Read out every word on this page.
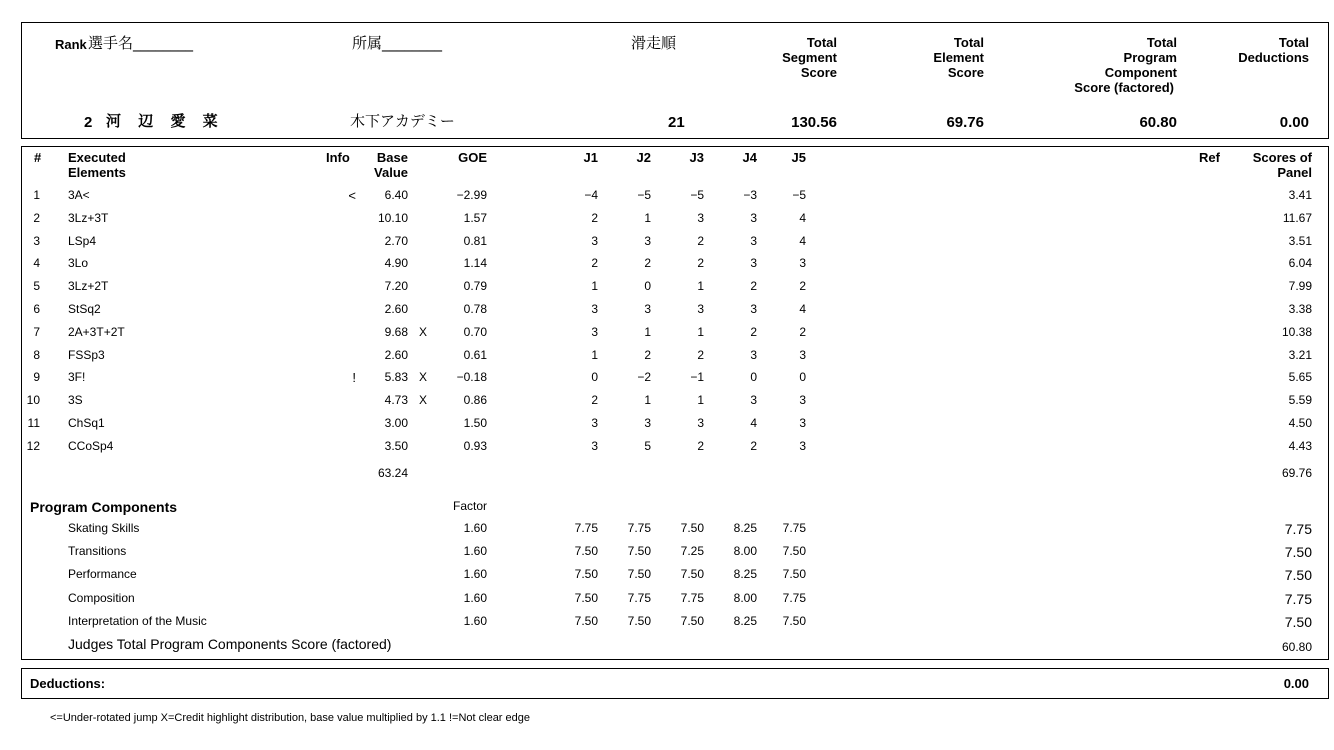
Rank 選手名________	所属________	滑走順	Total
Segment
Score
Total
Element
Score
Total
Program
Component
Score (factored)
Total
Deductions
2 河 辺 愛 菜	木下アカデミー	21	130.56	69.76	60.80	0.00
# Executed
Elements
Info	Base
Value
GOE	J1	J2	J3	J4	J5	Ref	Scores of
Panel
1 3A<	<	6.40	−2.99	−4	−5	−5	−3	−5	3.41
2 3Lz+3T	10.10	1.57	2	1	3	3	4	11.67
3 LSp4	2.70	0.81	3	3	2	3	4	3.51
4 3Lo	4.90	1.14	2	2	2	3	3	6.04
5 3Lz+2T	7.20	0.79	1	0	1	2	2	7.99
6 StSq2	2.60	0.78	3	3	3	3	4	3.38
7 2A+3T+2T	9.68 X	0.70	3	1	1	2	2	10.38
8 FSSp3	2.60	0.61	1	2	2	3	3	3.21
9 3F!	!	5.83 X	−0.18	0	−2	−1	0	0	5.65
10 3S	4.73 X	0.86	2	1	1	3	3	5.59
11 ChSq1	3.00	1.50	3	3	3	4	3	4.50
12 CCoSp4	3.50	0.93	3	5	2	2	3	4.43
63.24	69.76
Program Components	Factor
Skating Skills	1.60	7.75	7.75	7.50	8.25	7.75	7.75
Transitions	1.60	7.50	7.50	7.25	8.00	7.50	7.50
Performance	1.60	7.50	7.50	7.50	8.25	7.50	7.50
Composition	1.60	7.50	7.75	7.75	8.00	7.75	7.75
Interpretation of the Music	1.60	7.50	7.50	7.50	8.25	7.50	7.50
Judges Total Program Components Score (factored)	60.80
Deductions:	0.00
<=Under-rotated jump X=Credit highlight distribution, base value multiplied by 1.1 !=Not clear edge
